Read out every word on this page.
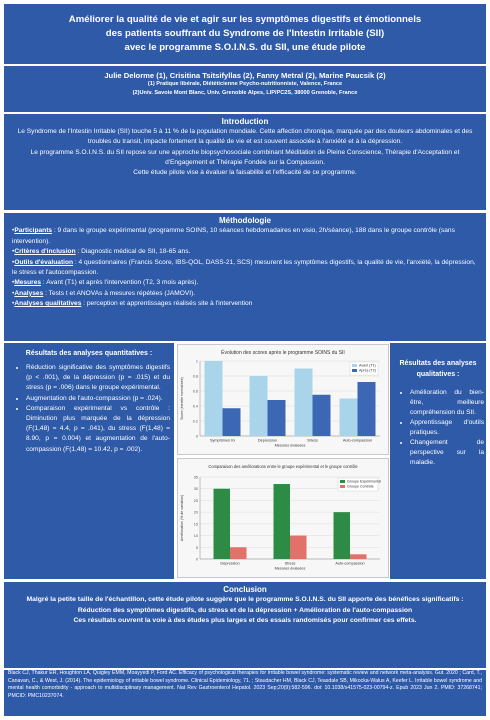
Améliorer la qualité de vie et agir sur les symptômes digestifs et émotionnels
des patients souffrant du Syndrome de l'Intestin Irritable (SII)
avec le programme S.O.I.N.S. du SII, une étude pilote
Julie Delorme (1), Crisitina Tsitsifyllas (2), Fanny Metral (2), Marine Paucsik (2)
(1) Pratique libérale, Diététicienne Psycho-nutritionniste, Valence, France
(2)Univ. Savoie Mont Blanc, Univ. Grenoble Alpes, LIP/PC2S, 38000 Grenoble, France
Introduction

Le Syndrome de l'Intestin Irritable (SII) touche 5 à 11 % de la population mondiale. Cette affection chronique, marquée par des douleurs abdominales et des troubles du transit, impacte fortement la qualité de vie et est souvent associée à l'anxiété et à la dépression.

Le programme S.O.I.N.S. du SII repose sur une approche biopsychosociale combinant Méditation de Pleine Conscience, Thérapie d'Acceptation et d'Engagement et Thérapie Fondée sur la Compassion.

Cette étude pilote vise à évaluer la faisabilité et l'efficacité de ce programme.

Méthodologie
•Participants : 9 dans le groupe expérimental (programme SOINS, 10 séances hebdomadaires en visio, 2h/séance), 188 dans le groupe contrôle (sans intervention).
•Critères d'inclusion : Diagnostic médical de SII, 18-65 ans.
•Outils d'évaluation : 4 questionnaires (Francis Score, IBS-QOL, DASS-21, SCS) mesurent les symptômes digestifs, la qualité de vie, l'anxiété, la dépression, le stress et l'autocompassion.
•Mesures : Avant (T1) et après l'intervention (T2, 3 mois après).
•Analyses : Tests t et ANOVAs à mesures répétées (JAMOVI).
•Analyses qualitatives : perception et apprentissages réalisés site à l'intervention
Résultats des analyses quantitatives :
• Réduction significative des symptômes digestifs (p < .001), de la dépression (p = .015) et du stress (p = .006) dans le groupe expérimental.
• Augmentation de l'auto-compassion (p = .024).
• Comparaison expérimental vs contrôle : Diminution plus marquée de la dépression (F(1,48) = 4.4, p = .041), du stress (F(1,48) = 8.90, p = 0.004) et augmentation de l'auto-compassion (F(1,48) = 10.42, p = .002).
Évolution des scores après le programme SOINS du SII
0
0.2
0.4
0.6
0.8
1
Symptômes IG	Dépression	Stress	Auto-compassion
Mesures évaluées
Score (échelle normalisée)
Avant (T1)
Après (T2)
Comparaison des améliorations entre le groupe expérimental et le groupe contrôle
0
5
10
15
20
25
30
35
Dépression	Stress	Auto-compassion
Mesures évaluées
Amélioration (% de variation)
Groupe Expérimental
Groupe Contrôle
Résultats des analyses qualitatives :
• Amélioration du bien-être, meilleure compréhension du SII.
• Apprentissage d'outils pratiques.
• Changement de perspective sur la maladie.
Conclusion

Malgré la petite taille de l'échantillon, cette étude pilote suggère que le programme S.O.I.N.S. du SII apporte des bénéfices significatifs :

Réduction des symptômes digestifs, du stress et de la dépression + Amélioration de l'auto-compassion

Ces résultats ouvrent la voie à des études plus larges et des essais randomisés pour confirmer ces effets.

Black CJ, Thakur ER, Houghton LA, Quigley EMM, Moayyedi P, Ford AC. Efficacy of psychological therapies for irritable bowel syndrome: systematic review and network meta-analysis. Gut. 2020 ; Card, T., Canavan, C., & West, J. (2014). The epidemiology of irritable bowel syndrome. Clinical Epidemiology, 71. ; Staudacher HM, Black CJ, Teasdale SB, Mikocka-Walus A, Keefer L. Irritable bowel syndrome and mental health comorbidity - approach to multidisciplinary management. Nat Rev Gastroenterol Hepatol. 2023 Sep;20(9):582-596. doi: 10.1038/s41575-023-00794-z. Epub 2023 Jun 2. PMID: 37268741; PMCID: PMC10237074.
